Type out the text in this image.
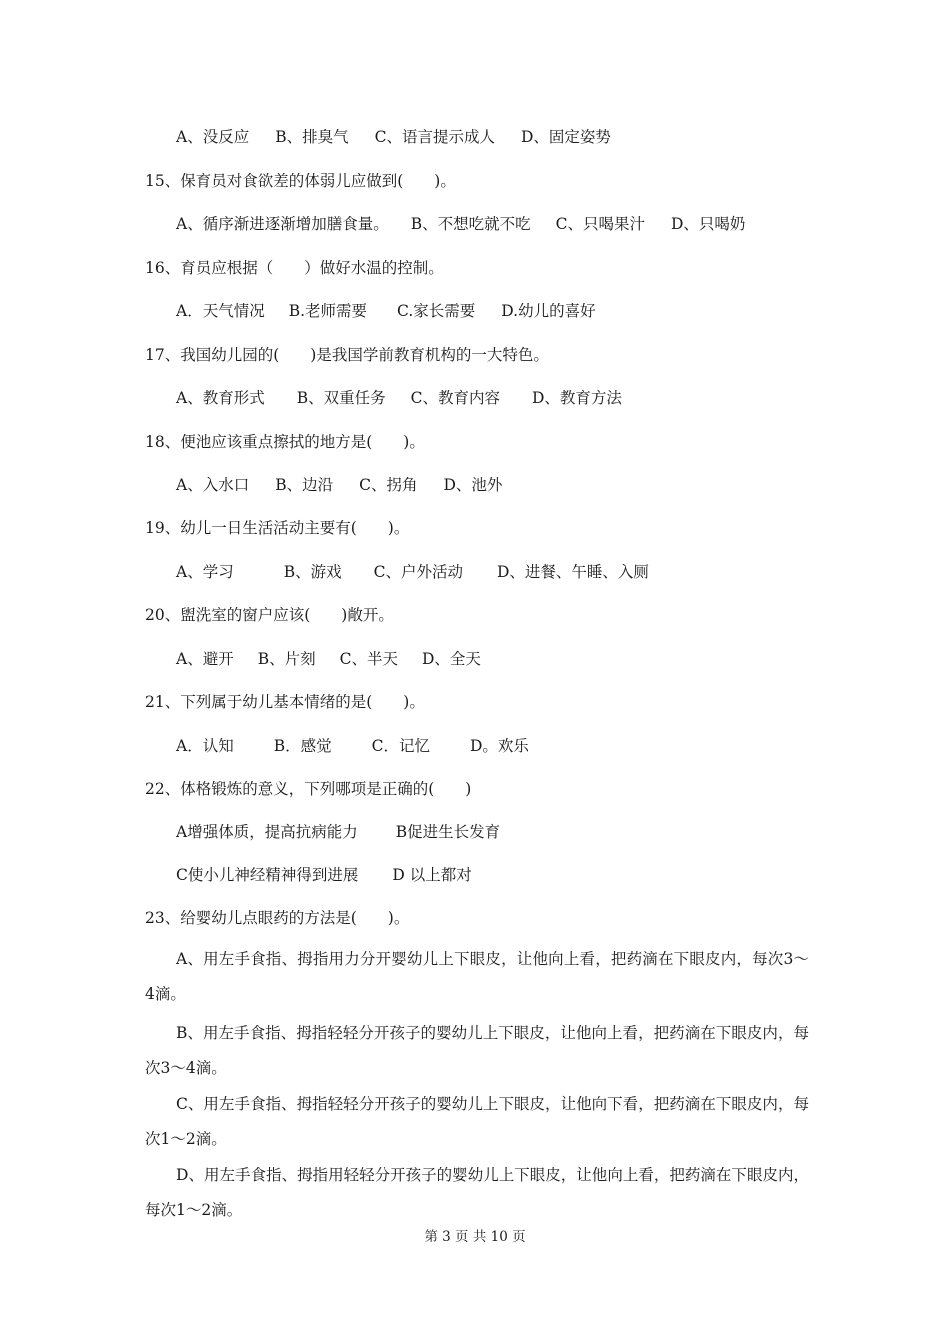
A、没反应 B、排臭气 C、语言提示成人 D、固定姿势
15、保育员对食欲差的体弱儿应做到(　　)。
A、循序渐进逐渐增加膳食量。 B、不想吃就不吃 C、只喝果汁 D、只喝奶
16、育员应根据（　　）做好水温的控制。
A．天气情况 B.老师需要 C.家长需要 D.幼儿的喜好
17、我国幼儿园的(　　)是我国学前教育机构的一大特色。
A、教育形式 B、双重任务 C、教育内容 D、教育方法
18、便池应该重点擦拭的地方是(　　)。
A、入水口 B、边沿 C、拐角 D、池外
19、幼儿一日生活活动主要有(　　)。
A、学习	B、游戏 C、户外活动 D、进餐、午睡、入厕
20、盥洗室的窗户应该(　　)敞开。
A、避开 B、片刻 C、半天 D、全天
21、下列属于幼儿基本情绪的是(　　)。
A．认知	B．感觉	C．记忆	D。欢乐
22、体格锻炼的意义，下列哪项是正确的(　　)
A增强体质，提高抗病能力 B促进生长发育
C使小儿神经精神得到进展 D 以上都对
23、给婴幼儿点眼药的方法是(　　)。
A、用左手食指、拇指用力分开婴幼儿上下眼皮，让他向上看，把药滴在下眼皮内，每次3～4滴。
B、用左手食指、拇指轻轻分开孩子的婴幼儿上下眼皮，让他向上看，把药滴在下眼皮内，每次3～4滴。
C、用左手食指、拇指轻轻分开孩子的婴幼儿上下眼皮，让他向下看，把药滴在下眼皮内，每次1～2滴。
D、用左手食指、拇指用轻轻分开孩子的婴幼儿上下眼皮，让他向上看，把药滴在下眼皮内，每次1～2滴。
第 3 页 共 10 页
